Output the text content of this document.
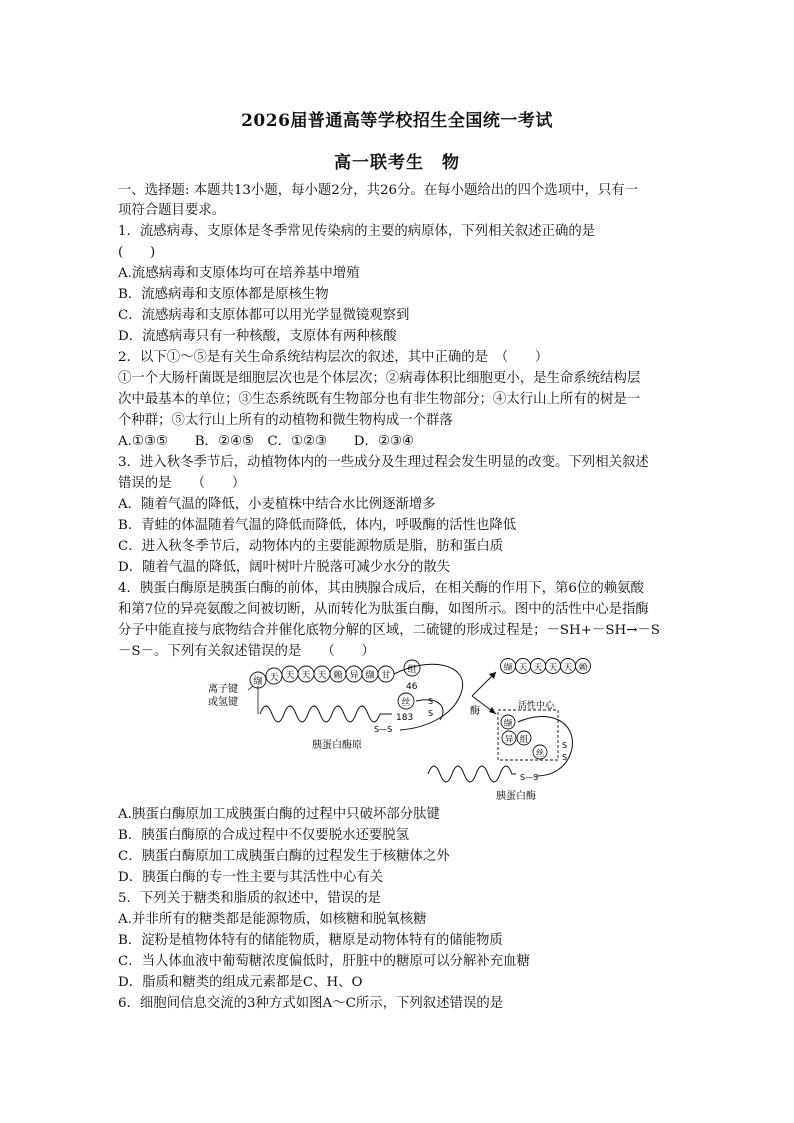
2026届普通高等学校招生全国统一考试
高一联考生　物
一、选择题: 本题共13小题，每小题2分，共26分。在每小题给出的四个选项中，只有一
项符合题目要求。
1．流感病毒、支原体是冬季常见传染病的主要的病原体，下列相关叙述正确的是
(　　)
A.流感病毒和支原体均可在培养基中增殖
B．流感病毒和支原体都是原核生物
C．流感病毒和支原体都可以用光学显微镜观察到
D．流感病毒只有一种核酸，支原体有两种核酸
2．以下①～⑤是有关生命系统结构层次的叙述，其中正确的是　（　　）
①一个大肠杆菌既是细胞层次也是个体层次；②病毒体积比细胞更小，是生命系统结构层
次中最基本的单位；③生态系统既有生物部分也有非生物部分；④太行山上所有的树是一
个种群；⑤太行山上所有的动植物和微生物构成一个群落
A.①③⑤　　B．②④⑤　C．①②③　　D．②③④
3．进入秋冬季节后，动植物体内的一些成分及生理过程会发生明显的改变。下列相关叙述
错误的是　　（　　）
A．随着气温的降低，小麦植株中结合水比例逐渐增多
B．青蛙的体温随着气温的降低而降低，体内，呼吸酶的活性也降低
C．进入秋冬季节后，动物体内的主要能源物质是脂，肪和蛋白质
D．随着气温的降低，阔叶树叶片脱落可减少水分的散失
4．胰蛋白酶原是胰蛋白酶的前体，其由胰腺合成后，在相关酶的作用下，第6位的赖氨酸
和第7位的异亮氨酸之间被切断，从而转化为肽蛋白酶，如图所示。图中的活性中心是指酶
分子中能直接与底物结合并催化底物分解的区域，二硫键的形成过程是；－SH+－SH→－S
－S－。下列有关叙述错误的是　　（　　）
离子键
或氢键
缬 天 天 天 天 赖 异 缬 甘
组
46
丝
183
S
S
S—S
胰蛋白酶原
酶
缬 天 天 天 天 赖
活性中心
缬
异 组
丝
S
S
S—S
胰蛋白酶
A.胰蛋白酶原加工成胰蛋白酶的过程中只破坏部分肽键
B．胰蛋白酶原的合成过程中不仅要脱水还要脱氢
C．胰蛋白酶原加工成胰蛋白酶的过程发生于核糖体之外
D．胰蛋白酶的专一性主要与其活性中心有关
5．下列关于糖类和脂质的叙述中，错误的是
A.并非所有的糖类都是能源物质，如核糖和脱氧核糖
B．淀粉是植物体特有的储能物质，糖原是动物体特有的储能物质
C．当人体血液中葡萄糖浓度偏低时，肝脏中的糖原可以分解补充血糖
D．脂质和糖类的组成元素都是C、H、O
6．细胞间信息交流的3种方式如图A～C所示，下列叙述错误的是
